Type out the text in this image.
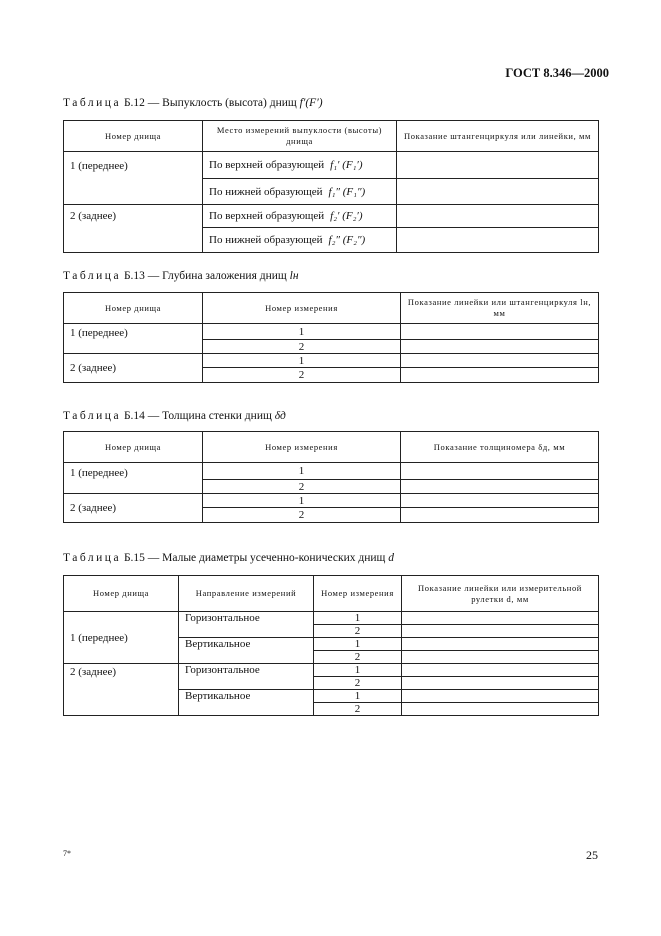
ГОСТ 8.346—2000
Таблица Б.12 — Выпуклость (высота) днищ f′(F′)
Номер днища	Место измерений выпуклости (высоты) днища	Показание штангенциркуля или линейки, мм
1 (переднее)	По верхней образующей f₁′ (F₁′)	
	По нижней образующей f₁″ (F₁″)	
2 (заднее)	По верхней образующей f₂′ (F₂′)	
	По нижней образующей f₂″ (F₂″)	
Таблица Б.13 — Глубина заложения днищ lн
Номер днища	Номер измерения	Показание линейки или штангенциркуля lн, мм
1 (переднее)	1	
	2	
2 (заднее)	1	
	2	
Таблица Б.14 — Толщина стенки днищ δд
Номер днища	Номер измерения	Показание толщиномера δд, мм
1 (переднее)	1	
	2	
2 (заднее)	1	
	2	
Таблица Б.15 — Малые диаметры усеченно-конических днищ d
Номер днища	Направление измерений	Номер измерения	Показание линейки или измерительной рулетки d, мм
1 (переднее)	Горизонтальное	1	
		2	
	Вертикальное	1	
		2	
2 (заднее)	Горизонтальное	1	
		2	
	Вертикальное	1	
		2	
7*	25
